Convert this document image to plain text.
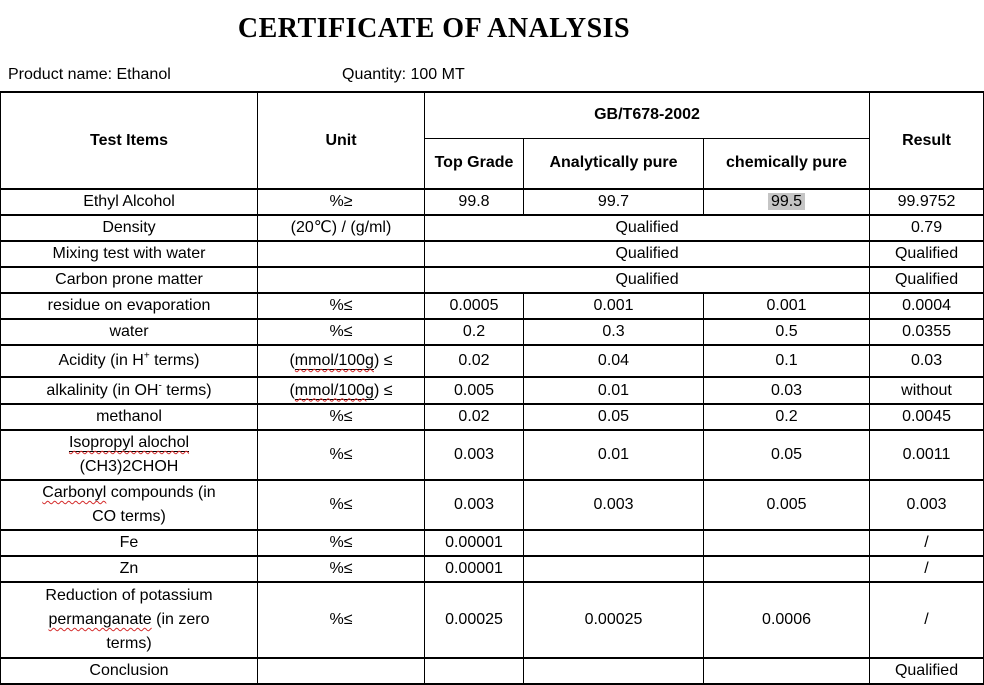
CERTIFICATE OF ANALYSIS
Product name: Ethanol	Quantity: 100 MT
Test Items	Unit	GB/T678-2002			Result
		Top Grade	Analytically pure	chemically pure	
Ethyl Alcohol	%≥	99.8	99.7	99.5	99.9752
Density	(20℃) / (g/ml)	Qualified			0.79
Mixing test with water		Qualified			Qualified
Carbon prone matter		Qualified			Qualified
residue on evaporation	%≤	0.0005	0.001	0.001	0.0004
water	%≤	0.2	0.3	0.5	0.0355
Acidity (in H+ terms)	(mmol/100g) ≤	0.02	0.04	0.1	0.03
alkalinity (in OH- terms)	(mmol/100g) ≤	0.005	0.01	0.03	without
methanol	%≤	0.02	0.05	0.2	0.0045
Isopropyl alochol
(CH3)2CHOH	%≤	0.003	0.01	0.05	0.0011
Carbonyl compounds (in
CO terms)	%≤	0.003	0.003	0.005	0.003
Fe	%≤	0.00001			/
Zn	%≤	0.00001			/
Reduction of potassium
permanganate (in zero
terms)	%≤	0.00025	0.00025	0.0006	/
Conclusion					Qualified
